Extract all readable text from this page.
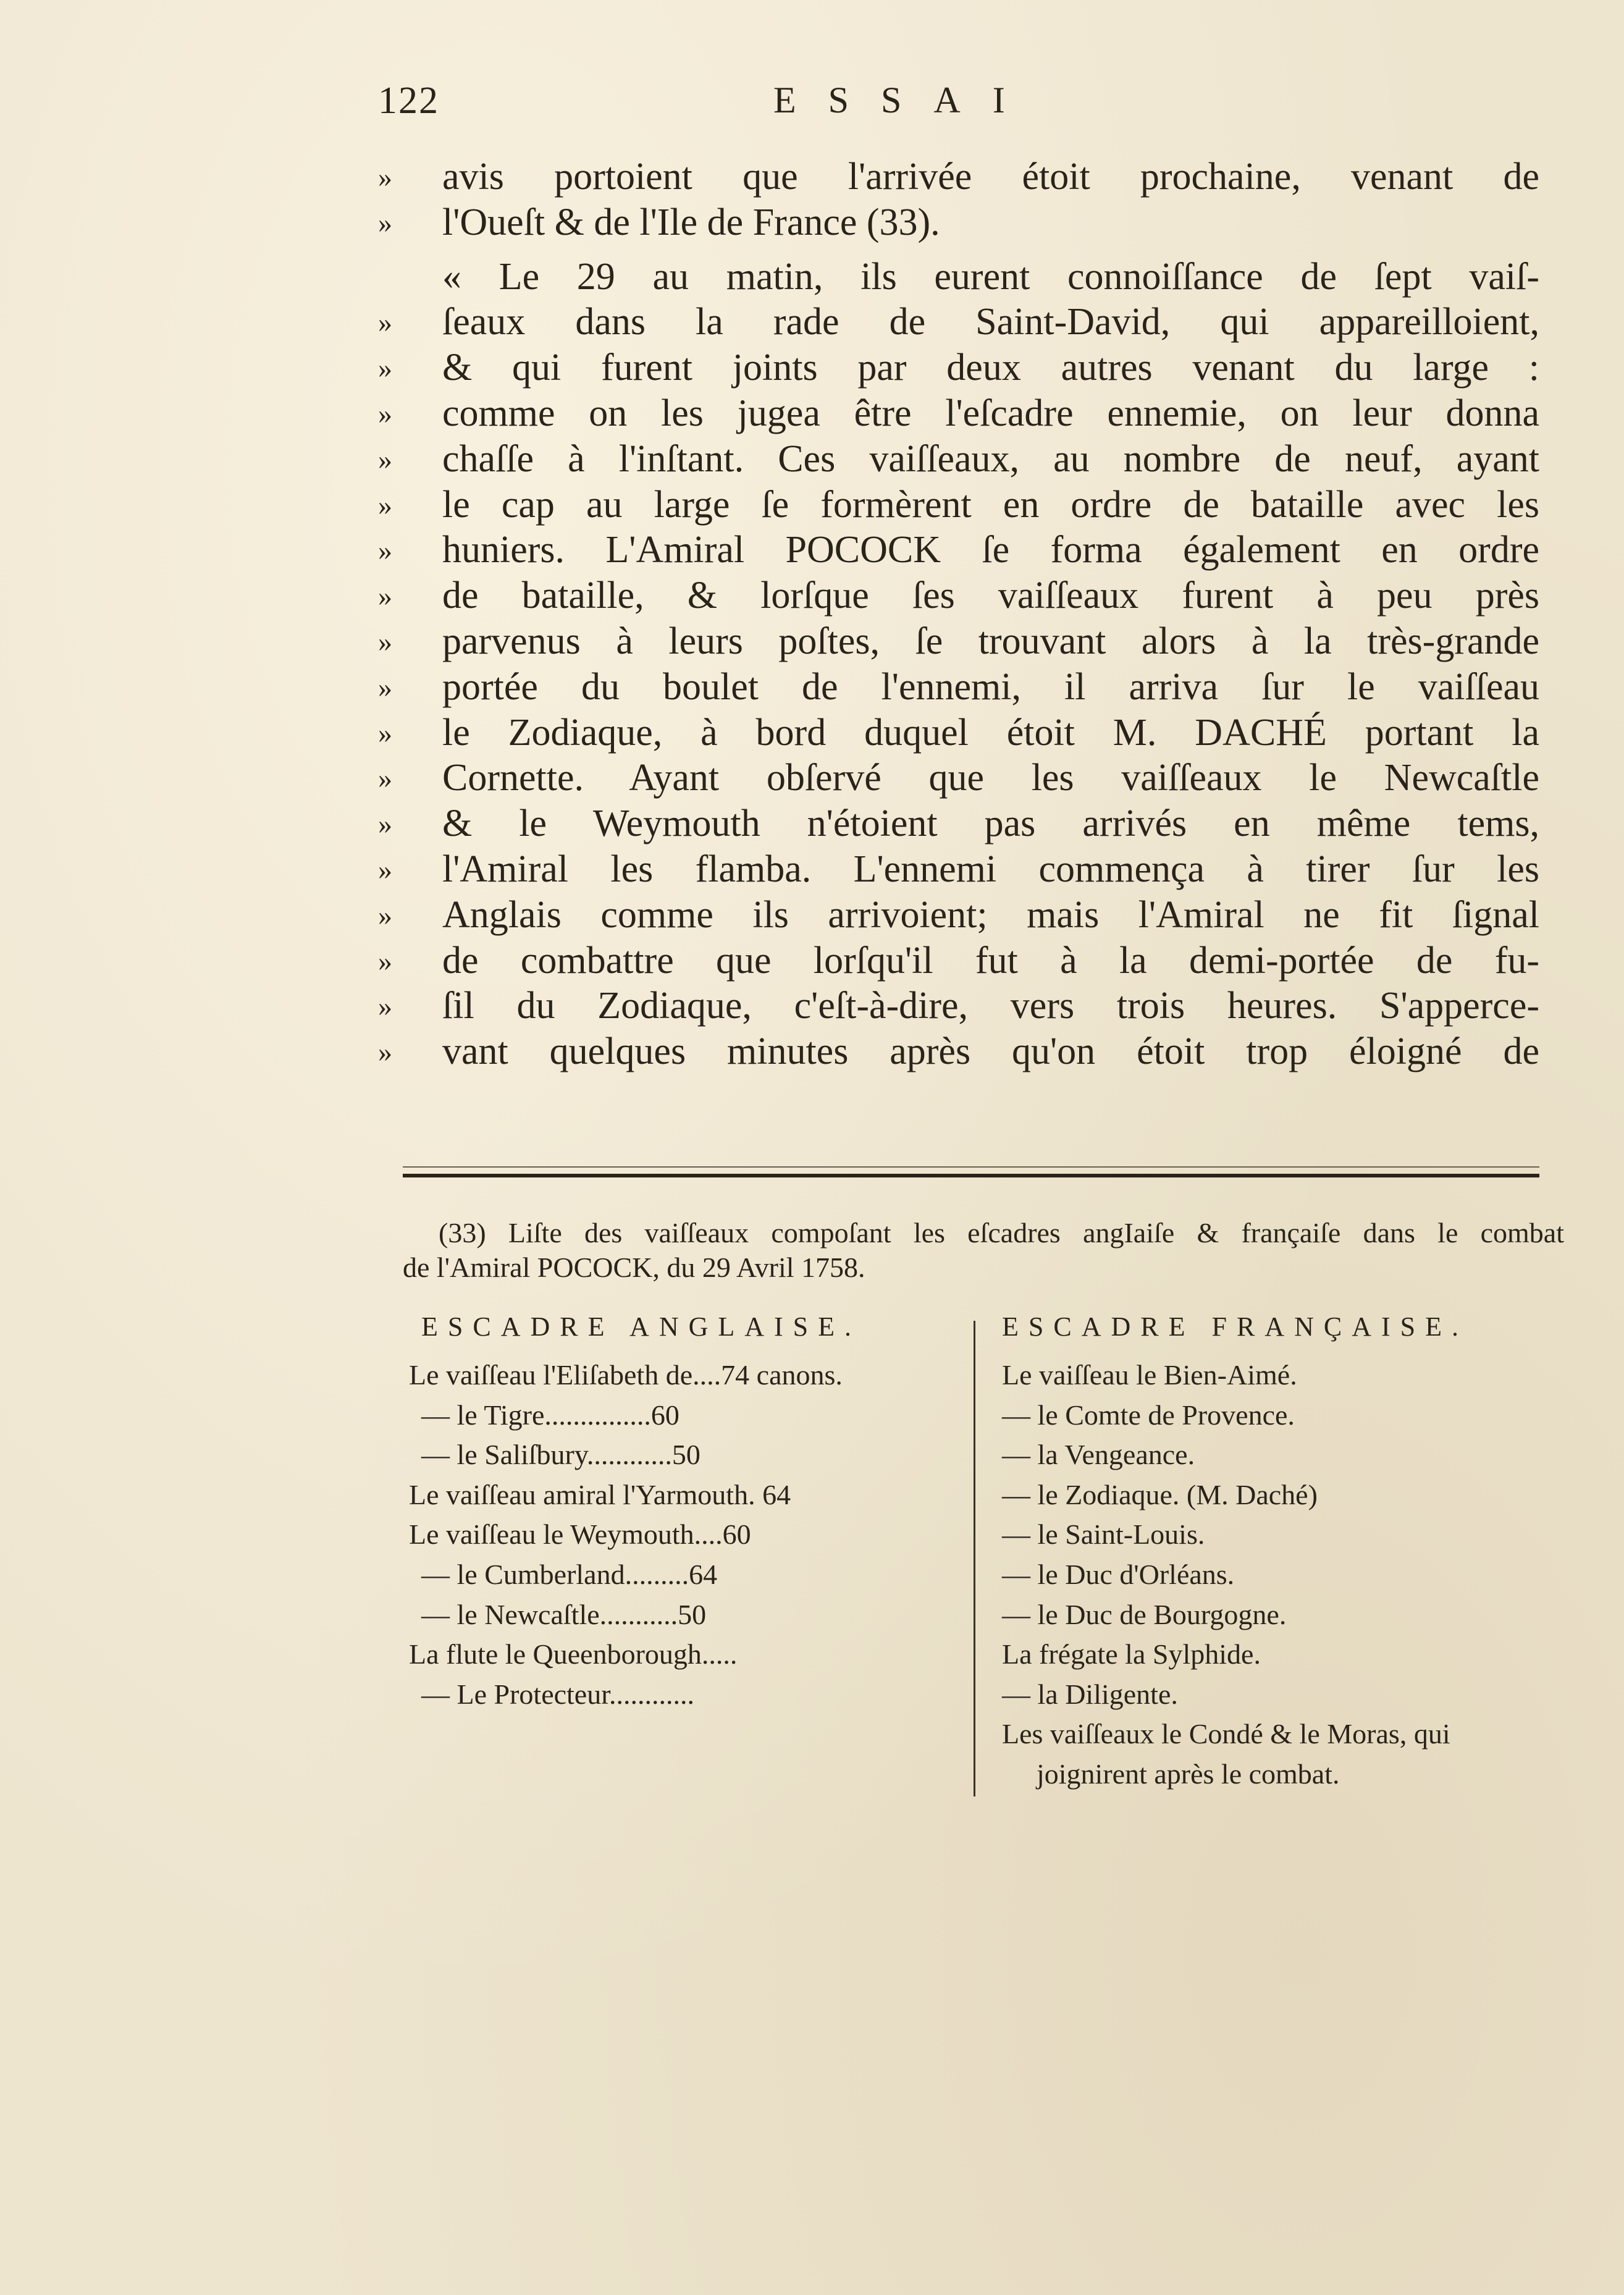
122	ESSAI
» avis portoient que l'arrivée étoit prochaine, venant de
» l'Oueſt & de l'Ile de France (33).
« Le 29 au matin, ils eurent connoiſſance de ſept vaiſ-
» ſeaux dans la rade de Saint-David, qui appareilloient,
» & qui furent joints par deux autres venant du large :
» comme on les jugea être l'eſcadre ennemie, on leur donna
» chaſſe à l'inſtant. Ces vaiſſeaux, au nombre de neuf, ayant
» le cap au large ſe formèrent en ordre de bataille avec les
» huniers. L'Amiral POCOCK ſe forma également en ordre
» de bataille, & lorſque ſes vaiſſeaux furent à peu près
» parvenus à leurs poſtes, ſe trouvant alors à la très-grande
» portée du boulet de l'ennemi, il arriva ſur le vaiſſeau
» le Zodiaque, à bord duquel étoit M. DACHÉ portant la
» Cornette. Ayant obſervé que les vaiſſeaux le Newcaſtle
» & le Weymouth n'étoient pas arrivés en même tems,
» l'Amiral les flamba. L'ennemi commença à tirer ſur les
» Anglais comme ils arrivoient; mais l'Amiral ne fit ſignal
» de combattre que lorſqu'il fut à la demi-portée de fu-
» ſil du Zodiaque, c'eſt-à-dire, vers trois heures. S'apperce-
» vant quelques minutes après qu'on étoit trop éloigné de
(33) Liſte des vaiſſeaux compoſant les eſcadres angIaiſe & françaiſe dans le combat
de l'Amiral POCOCK, du 29 Avril 1758.
ESCADRE ANGLAISE.
Le vaiſſeau l'Eliſabeth de....74 canons.
— le Tigre...............60
— le Saliſbury............50
Le vaiſſeau amiral l'Yarmouth. 64
Le vaiſſeau le Weymouth....60
— le Cumberland.........64
— le Newcaſtle...........50
La flute le Queenborough.....
— Le Protecteur............
ESCADRE FRANÇAISE.
Le vaiſſeau le Bien-Aimé.
— le Comte de Provence.
— la Vengeance.
— le Zodiaque. (M. Daché)
— le Saint-Louis.
— le Duc d'Orléans.
— le Duc de Bourgogne.
La frégate la Sylphide.
— la Diligente.
Les vaiſſeaux le Condé & le Moras, qui
joignirent après le combat.
